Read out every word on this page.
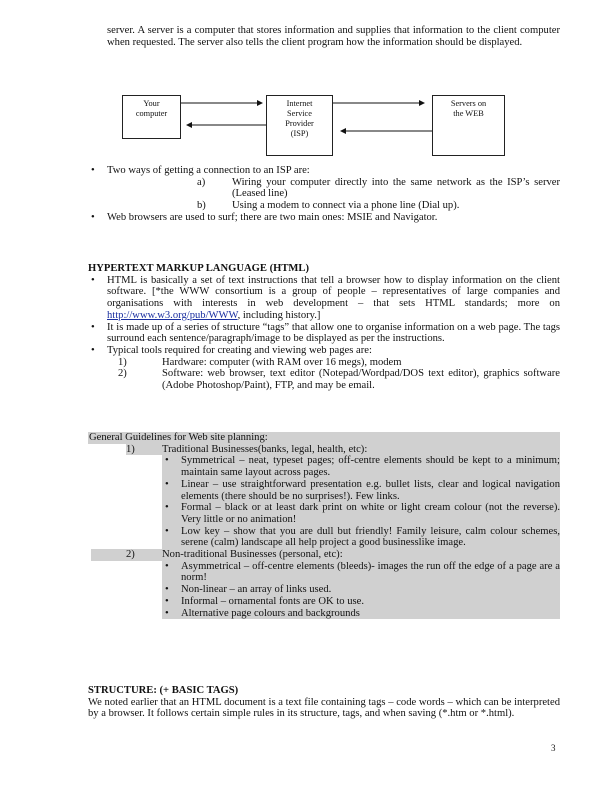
server. A server is a computer that stores information and supplies that information to the client computer when requested. The server also tells the client program how the information should be displayed.
Your
computer
Internet
Service
Provider
(ISP)
Servers on
the WEB
• Two ways of getting a connection to an ISP are:
a)	Wiring your computer directly into the same network as the ISP’s server (Leased line)
b) Using a modem to connect via a phone line (Dial up).
• Web browsers are used to surf; there are two main ones: MSIE and Navigator.
HYPERTEXT MARKUP LANGUAGE (HTML)
• HTML is basically a set of text instructions that tell a browser how to display information on the client software. [*the WWW consortium is a group of people – representatives of large companies and organisations with interests in web development – that sets HTML standards; more on http://www.w3.org/pub/WWW, including history.]
• It is made up of a series of structure “tags” that allow one to organise information on a web page. The tags surround each sentence/paragraph/image to be displayed as per the instructions.
• Typical tools required for creating and viewing web pages are:
1)	Hardware: computer (with RAM over 16 megs), modem
2)	Software: web browser, text editor (Notepad/Wordpad/DOS text editor), graphics software (Adobe Photoshop/Paint), FTP, and may be email.
General Guidelines for Web site planning:
1)	Traditional Businesses(banks, legal, health, etc):
• Symmetrical – neat, typeset pages; off-centre elements should be kept to a minimum; maintain same layout across pages.
• Linear – use straightforward presentation e.g. bullet lists, clear and logical navigation elements (there should be no surprises!). Few links.
• Formal – black or at least dark print on white or light cream colour (not the reverse). Very little or no animation!
• Low key – show that you are dull but friendly! Family leisure, calm colour schemes, serene (calm) landscape all help project a good businesslike image.
2)	Non-traditional Businesses (personal, etc):
• Asymmetrical – off-centre elements (bleeds)- images the run off the edge of a page are a norm!
• Non-linear – an array of links used.
• Informal – ornamental fonts are OK to use.
• Alternative page colours and backgrounds
STRUCTURE: (+ BASIC TAGS)

We noted earlier that an HTML document is a text file containing tags – code words – which can be interpreted by a browser. It follows certain simple rules in its structure, tags, and when saving (*.htm or *.html).

3
